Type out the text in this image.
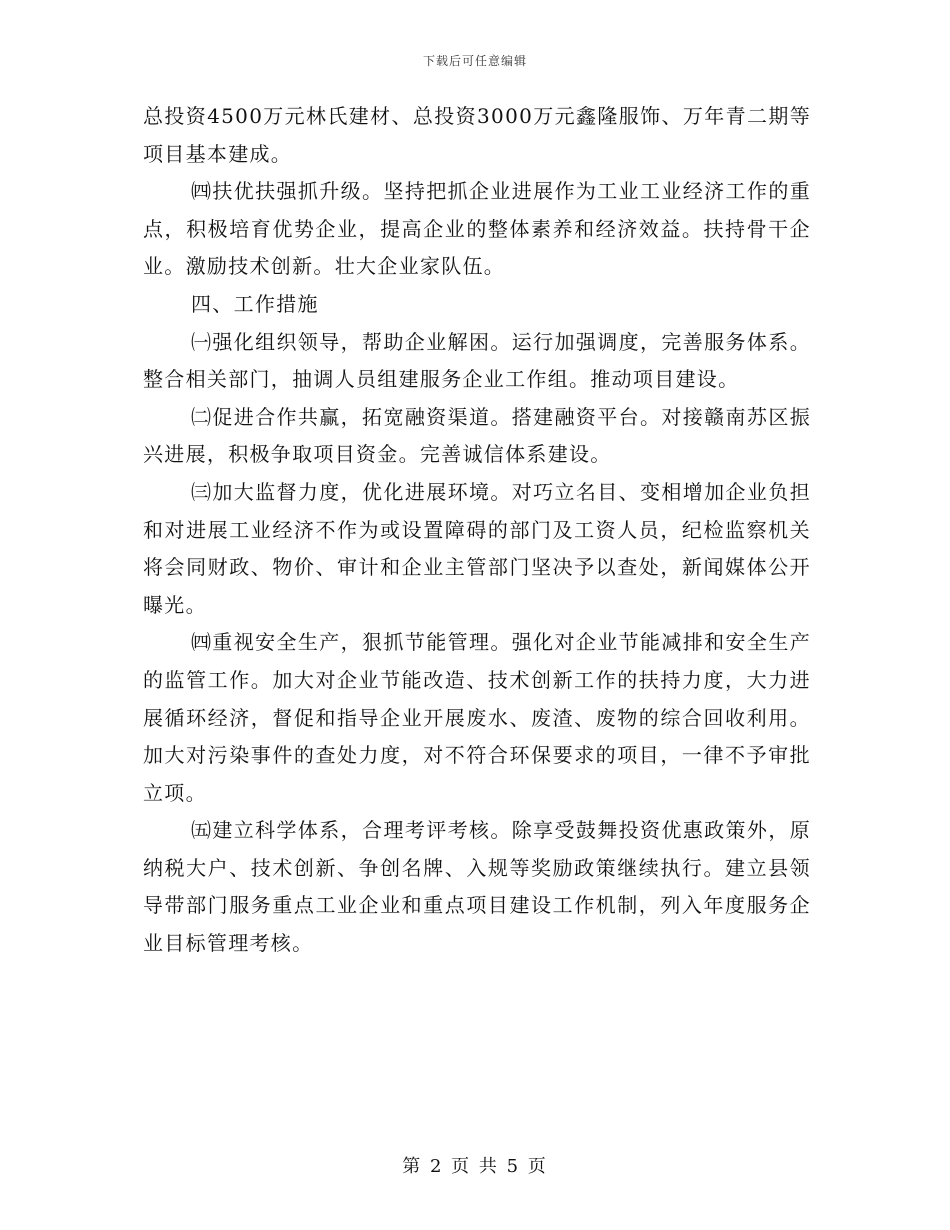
下载后可任意编辑

总投资4500万元林氏建材、总投资3000万元鑫隆服饰、万年青二期等项目基本建成。

㈣扶优扶强抓升级。坚持把抓企业进展作为工业工业经济工作的重点，积极培育优势企业，提高企业的整体素养和经济效益。扶持骨干企业。激励技术创新。壮大企业家队伍。

四、工作措施

㈠强化组织领导，帮助企业解困。运行加强调度，完善服务体系。整合相关部门，抽调人员组建服务企业工作组。推动项目建设。

㈡促进合作共赢，拓宽融资渠道。搭建融资平台。对接赣南苏区振兴进展，积极争取项目资金。完善诚信体系建设。

㈢加大监督力度，优化进展环境。对巧立名目、变相增加企业负担和对进展工业经济不作为或设置障碍的部门及工资人员，纪检监察机关将会同财政、物价、审计和企业主管部门坚决予以查处，新闻媒体公开曝光。

㈣重视安全生产，狠抓节能管理。强化对企业节能减排和安全生产的监管工作。加大对企业节能改造、技术创新工作的扶持力度，大力进展循环经济，督促和指导企业开展废水、废渣、废物的综合回收利用。加大对污染事件的查处力度，对不符合环保要求的项目，一律不予审批立项。

㈤建立科学体系，合理考评考核。除享受鼓舞投资优惠政策外，原纳税大户、技术创新、争创名牌、入规等奖励政策继续执行。建立县领导带部门服务重点工业企业和重点项目建设工作机制，列入年度服务企业目标管理考核。

第 2 页 共 5 页
